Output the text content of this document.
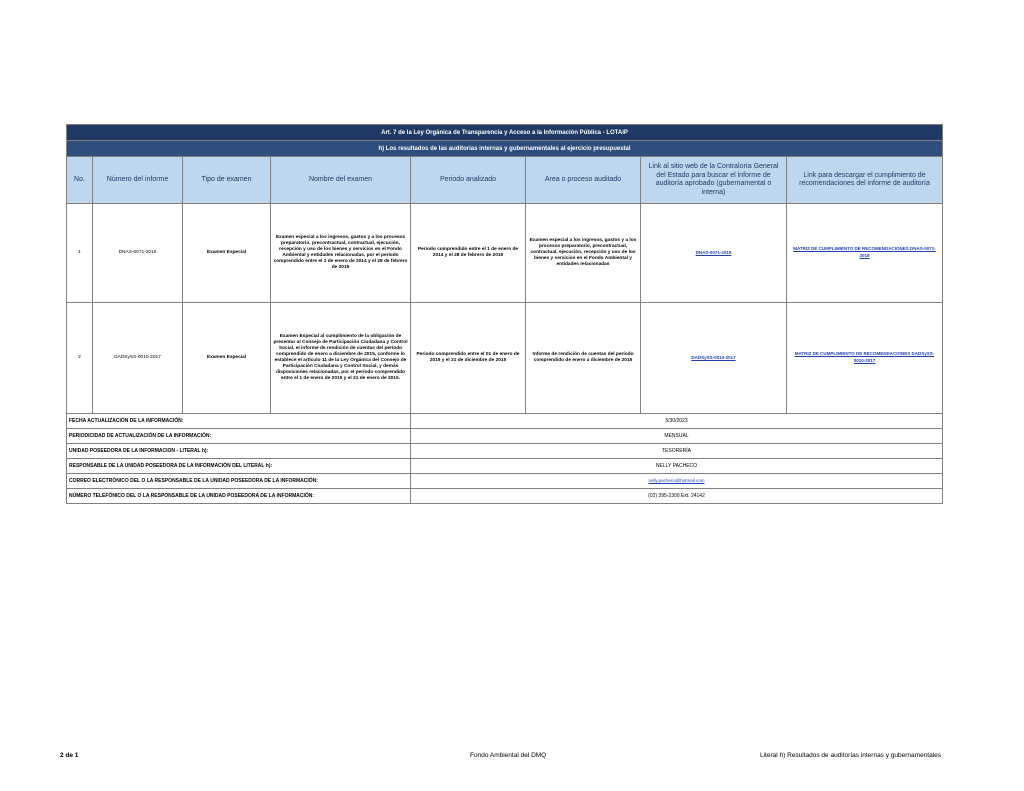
Art. 7 de la Ley Orgánica de Transparencia y Acceso a la Información Pública - LOTAIP							
h) Los resultados de las auditorías internas y gubernamentales al ejercicio presupuestal							
No.	Número del informe	Tipo de examen	Nombre del examen	Periodo analizado	Area o proceso auditado	Link al sitio web de la Contraloría General del Estado para buscar el informe de auditoría aprobado (gubernamental o interna)	Link para descargar el cumplimiento de recomendaciones del informe de auditoría
1	DNAS-0071-2019	Examen Especial	Examen especial a los ingresos, gastos y a los procesos preparatorio, precontractual, contractual, ejecución, recepción y uso de los bienes y servicios en el Fondo Ambiental y entidades relacionadas, por el período comprendido entre el 1 de enero de 2014 y el 28 de febrero de 2019	Periodo comprendido entre el 1 de enero de 2014 y el 28 de febrero de 2019	Examen especial a los ingresos, gastos y a los procesos preparatorio, precontractual, contractual, ejecución, recepción y uso de los bienes y servicios en el Fondo Ambiental y entidades relacionadas	DNAS-0071-2019	MATRIZ DE CUMPLIMIENTO DE RECOMENDACIONES DNAS-0071-2019
2	DADSySS-0010-2017	Examen Especial	Examen Especial al cumplimiento de la obligación de presentar al Consejo de Participación Ciudadana y Control Social, el informe de rendición de cuentas del período comprendido de enero a diciembre de 2015, conforme lo establece el artículo 11 de la Ley Orgánica del Consejo de Participación Ciudadana y Control Social, y demás disposiciones relacionadas, por el período comprendido entre el 1 de enero de 2015 y el 31 de enero de 2015.	Periodo comprendido entre el 01 de enero de 2015 y el 31 de diciembre de 2015	Informe de rendición de cuentas del período comprendido de enero a diciembre de 2015	DADSySS-0010-2017	MATRIZ DE CUMPLIMIENTO DE RECOMENDACIONES DADSySS-0010-2017
FECHA ACTUALIZACIÓN DE LA INFORMACIÓN:				5/30/2023			
PERIODICIDAD DE ACTUALIZACIÓN DE LA INFORMACIÓN:				MENSUAL			
UNIDAD POSEEDORA DE LA INFORMACION - LITERAL h):				TESORERÍA			
RESPONSABLE DE LA UNIDAD POSEEDORA DE LA INFORMACIÓN DEL LITERAL h):				NELLY PACHECO			
CORREO ELECTRÓNICO DEL O LA RESPONSABLE DE LA UNIDAD POSEEDORA DE LA INFORMACIÓN:				nelly.pacheco@hotmail.com			
NÚMERO TELEFÓNICO DEL O LA RESPONSABLE DE LA UNIDAD POSEEDORA DE LA INFORMACIÓN:				(02) 395-2300 Ext. 24142			
2 de 1	Fondo Ambiental del DMQ	Literal h) Resultados de auditorías internas y gubernamentales
